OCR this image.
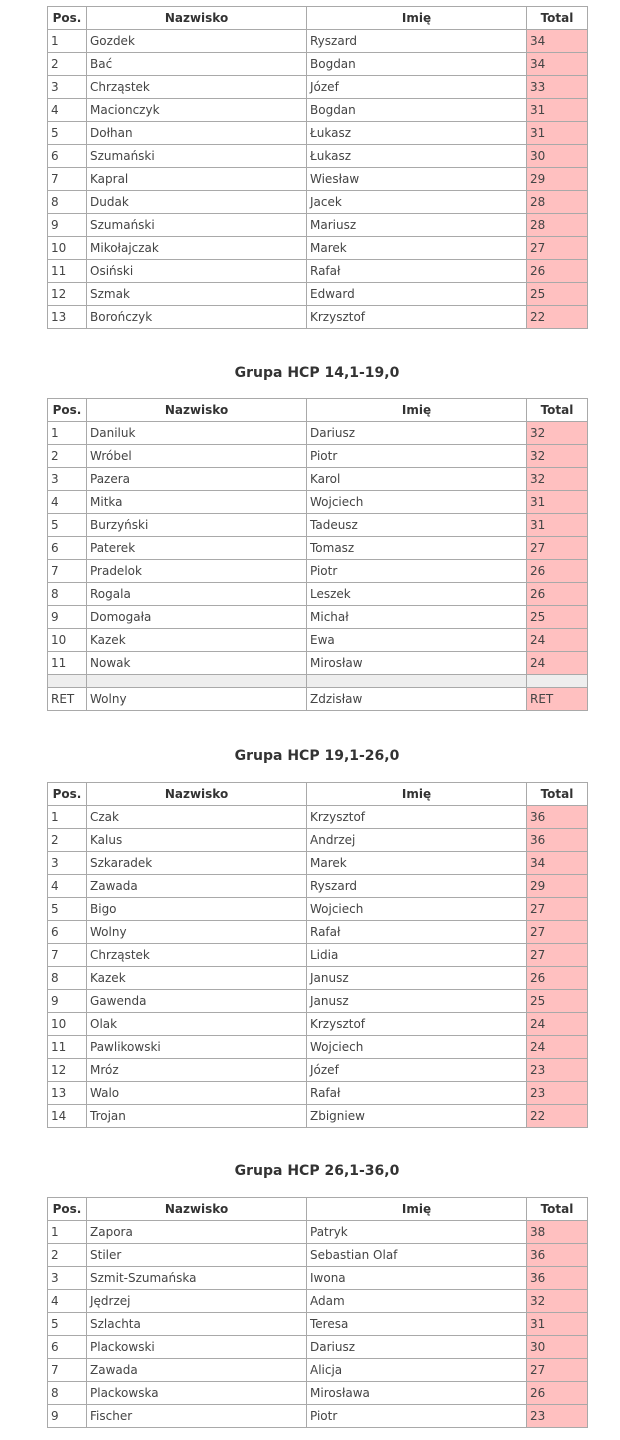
Pos.	Nazwisko	Imię	Total
1	Gozdek	Ryszard	34
2	Bać	Bogdan	34
3	Chrząstek	Józef	33
4	Macionczyk	Bogdan	31
5	Dołhan	Łukasz	31
6	Szumański	Łukasz	30
7	Kapral	Wiesław	29
8	Dudak	Jacek	28
9	Szumański	Mariusz	28
10	Mikołajczak	Marek	27
11	Osiński	Rafał	26
12	Szmak	Edward	25
13	Borończyk	Krzysztof	22
Grupa HCP 14,1-19,0
Pos.	Nazwisko	Imię	Total
1	Daniluk	Dariusz	32
2	Wróbel	Piotr	32
3	Pazera	Karol	32
4	Mitka	Wojciech	31
5	Burzyński	Tadeusz	31
6	Paterek	Tomasz	27
7	Pradelok	Piotr	26
8	Rogala	Leszek	26
9	Domogała	Michał	25
10	Kazek	Ewa	24
11	Nowak	Mirosław	24

RET	Wolny	Zdzisław	RET
Grupa HCP 19,1-26,0
Pos.	Nazwisko	Imię	Total
1	Czak	Krzysztof	36
2	Kalus	Andrzej	36
3	Szkaradek	Marek	34
4	Zawada	Ryszard	29
5	Bigo	Wojciech	27
6	Wolny	Rafał	27
7	Chrząstek	Lidia	27
8	Kazek	Janusz	26
9	Gawenda	Janusz	25
10	Olak	Krzysztof	24
11	Pawlikowski	Wojciech	24
12	Mróz	Józef	23
13	Walo	Rafał	23
14	Trojan	Zbigniew	22
Grupa HCP 26,1-36,0
Pos.	Nazwisko	Imię	Total
1	Zapora	Patryk	38
2	Stiler	Sebastian Olaf	36
3	Szmit-Szumańska	Iwona	36
4	Jędrzej	Adam	32
5	Szlachta	Teresa	31
6	Plackowski	Dariusz	30
7	Zawada	Alicja	27
8	Plackowska	Mirosława	26
9	Fischer	Piotr	23
